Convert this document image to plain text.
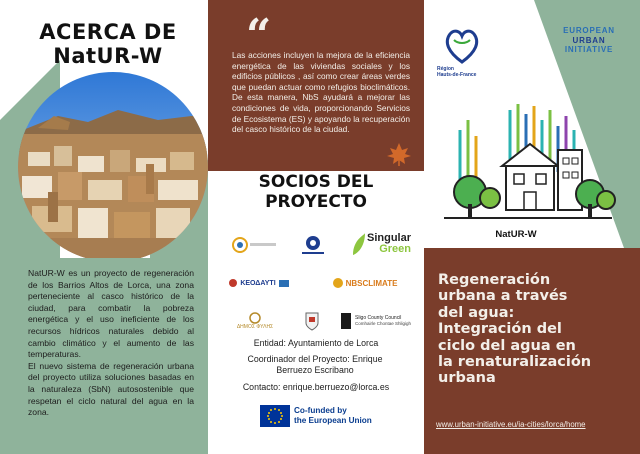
ACERCA DE
NatUR-W

NatUR-W es un proyecto de regeneración de los Barrios Altos de Lorca, una zona perteneciente al casco histórico de la ciudad, para combatir la pobreza energética y el uso ineficiente de los recursos hídricos naturales debido al cambio climático y el aumento de las temperaturas.

El nuevo sistema de regeneración urbana del proyecto utiliza soluciones basadas en la naturaleza (SbN) autosostenible que respetan el ciclo natural del agua en la zona.

“
Las acciones incluyen la mejora de la eficiencia energética de las viviendas sociales y los edificios públicos , así como crear áreas verdes que puedan actuar como refugios bioclimáticos. De esta manera, NbS ayudará a mejorar las condiciones de vida, proporcionando Servicios de Ecosistema (ES) y apoyando la recuperación del casco histórico de la ciudad.
SOCIOS DEL
PROYECTO
Singular
Green
ΚΕΟΔΑΥΤΙ	NBSCLIMATE
ΔΗΜΟΣ ΦΥΛΗΣ
Sligo County Council
Comhairle Chontae Shligigh
Entidad: Ayuntamiento de Lorca
Coordinador del Proyecto: Enrique
Berruezo Escribano
Contacto: enrique.berruezo@lorca.es
Co-funded by
the European Union
Région
Hauts-de-France
EUROPEAN
URBAN
INITIATIVE
NatUR-W
Regeneración
urbana a través
del agua:
Integración del
ciclo del agua en
la renaturalización
urbana
www.urban-initiative.eu/ia-cities/lorca/home
